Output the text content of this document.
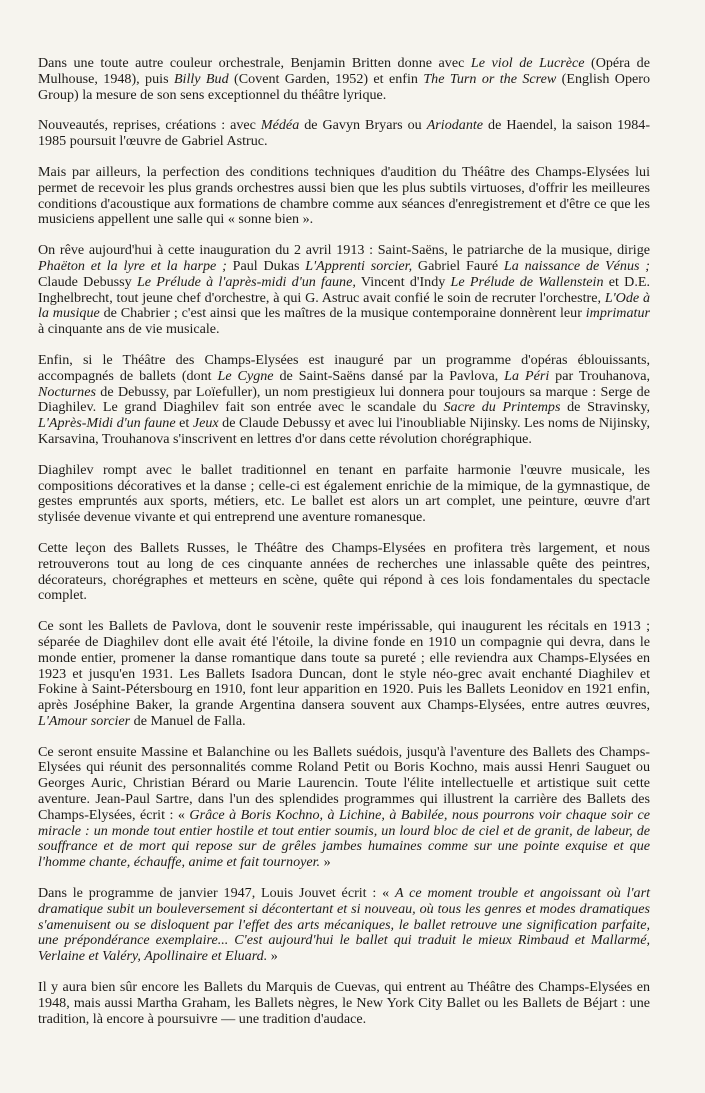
Dans une toute autre couleur orchestrale, Benjamin Britten donne avec Le viol de Lucrèce (Opéra de Mulhouse, 1948), puis Billy Bud (Covent Garden, 1952) et enfin The Turn or the Screw (English Opero Group) la mesure de son sens exceptionnel du théâtre lyrique.

Nouveautés, reprises, créations : avec Médéa de Gavyn Bryars ou Ariodante de Haendel, la saison 1984-1985 poursuit l'œuvre de Gabriel Astruc.

Mais par ailleurs, la perfection des conditions techniques d'audition du Théâtre des Champs-Elysées lui permet de recevoir les plus grands orchestres aussi bien que les plus subtils virtuoses, d'offrir les meilleures conditions d'acoustique aux formations de chambre comme aux séances d'enregistrement et d'être ce que les musiciens appellent une salle qui « sonne bien ».

On rêve aujourd'hui à cette inauguration du 2 avril 1913 : Saint-Saëns, le patriarche de la musique, dirige Phaëton et la lyre et la harpe ; Paul Dukas L'Apprenti sorcier, Gabriel Fauré La naissance de Vénus ; Claude Debussy Le Prélude à l'après-midi d'un faune, Vincent d'Indy Le Prélude de Wallenstein et D.E. Inghelbrecht, tout jeune chef d'orchestre, à qui G. Astruc avait confié le soin de recruter l'orchestre, L'Ode à la musique de Chabrier ; c'est ainsi que les maîtres de la musique contemporaine donnèrent leur imprimatur à cinquante ans de vie musicale.

Enfin, si le Théâtre des Champs-Elysées est inauguré par un programme d'opéras éblouissants, accompagnés de ballets (dont Le Cygne de Saint-Saëns dansé par la Pavlova, La Péri par Trouhanova, Nocturnes de Debussy, par Loïefuller), un nom prestigieux lui donnera pour toujours sa marque : Serge de Diaghilev. Le grand Diaghilev fait son entrée avec le scandale du Sacre du Printemps de Stravinsky, L'Après-Midi d'un faune et Jeux de Claude Debussy et avec lui l'inoubliable Nijinsky. Les noms de Nijinsky, Karsavina, Trouhanova s'inscrivent en lettres d'or dans cette révolution chorégraphique.

Diaghilev rompt avec le ballet traditionnel en tenant en parfaite harmonie l'œuvre musicale, les compositions décoratives et la danse ; celle-ci est également enrichie de la mimique, de la gymnastique, de gestes empruntés aux sports, métiers, etc. Le ballet est alors un art complet, une peinture, œuvre d'art stylisée devenue vivante et qui entreprend une aventure romanesque.

Cette leçon des Ballets Russes, le Théâtre des Champs-Elysées en profitera très largement, et nous retrouverons tout au long de ces cinquante années de recherches une inlassable quête des peintres, décorateurs, chorégraphes et metteurs en scène, quête qui répond à ces lois fondamentales du spectacle complet.

Ce sont les Ballets de Pavlova, dont le souvenir reste impérissable, qui inaugurent les récitals en 1913 ; séparée de Diaghilev dont elle avait été l'étoile, la divine fonde en 1910 un compagnie qui devra, dans le monde entier, promener la danse romantique dans toute sa pureté ; elle reviendra aux Champs-Elysées en 1923 et jusqu'en 1931. Les Ballets Isadora Duncan, dont le style néo-grec avait enchanté Diaghilev et Fokine à Saint-Pétersbourg en 1910, font leur apparition en 1920. Puis les Ballets Leonidov en 1921 enfin, après Joséphine Baker, la grande Argentina dansera souvent aux Champs-Elysées, entre autres œuvres, L'Amour sorcier de Manuel de Falla.

Ce seront ensuite Massine et Balanchine ou les Ballets suédois, jusqu'à l'aventure des Ballets des Champs-Elysées qui réunit des personnalités comme Roland Petit ou Boris Kochno, mais aussi Henri Sauguet ou Georges Auric, Christian Bérard ou Marie Laurencin. Toute l'élite intellectuelle et artistique suit cette aventure. Jean-Paul Sartre, dans l'un des splendides programmes qui illustrent la carrière des Ballets des Champs-Elysées, écrit : « Grâce à Boris Kochno, à Lichine, à Babilée, nous pourrons voir chaque soir ce miracle : un monde tout entier hostile et tout entier soumis, un lourd bloc de ciel et de granit, de labeur, de souffrance et de mort qui repose sur de grêles jambes humaines comme sur une pointe exquise et que l'homme chante, échauffe, anime et fait tournoyer. »

Dans le programme de janvier 1947, Louis Jouvet écrit : « A ce moment trouble et angoissant où l'art dramatique subit un bouleversement si décontertant et si nouveau, où tous les genres et modes dramatiques s'amenuisent ou se disloquent par l'effet des arts mécaniques, le ballet retrouve une signification parfaite, une prépondérance exemplaire... C'est aujourd'hui le ballet qui traduit le mieux Rimbaud et Mallarmé, Verlaine et Valéry, Apollinaire et Eluard. »

Il y aura bien sûr encore les Ballets du Marquis de Cuevas, qui entrent au Théâtre des Champs-Elysées en 1948, mais aussi Martha Graham, les Ballets nègres, le New York City Ballet ou les Ballets de Béjart : une tradition, là encore à poursuivre — une tradition d'audace.
